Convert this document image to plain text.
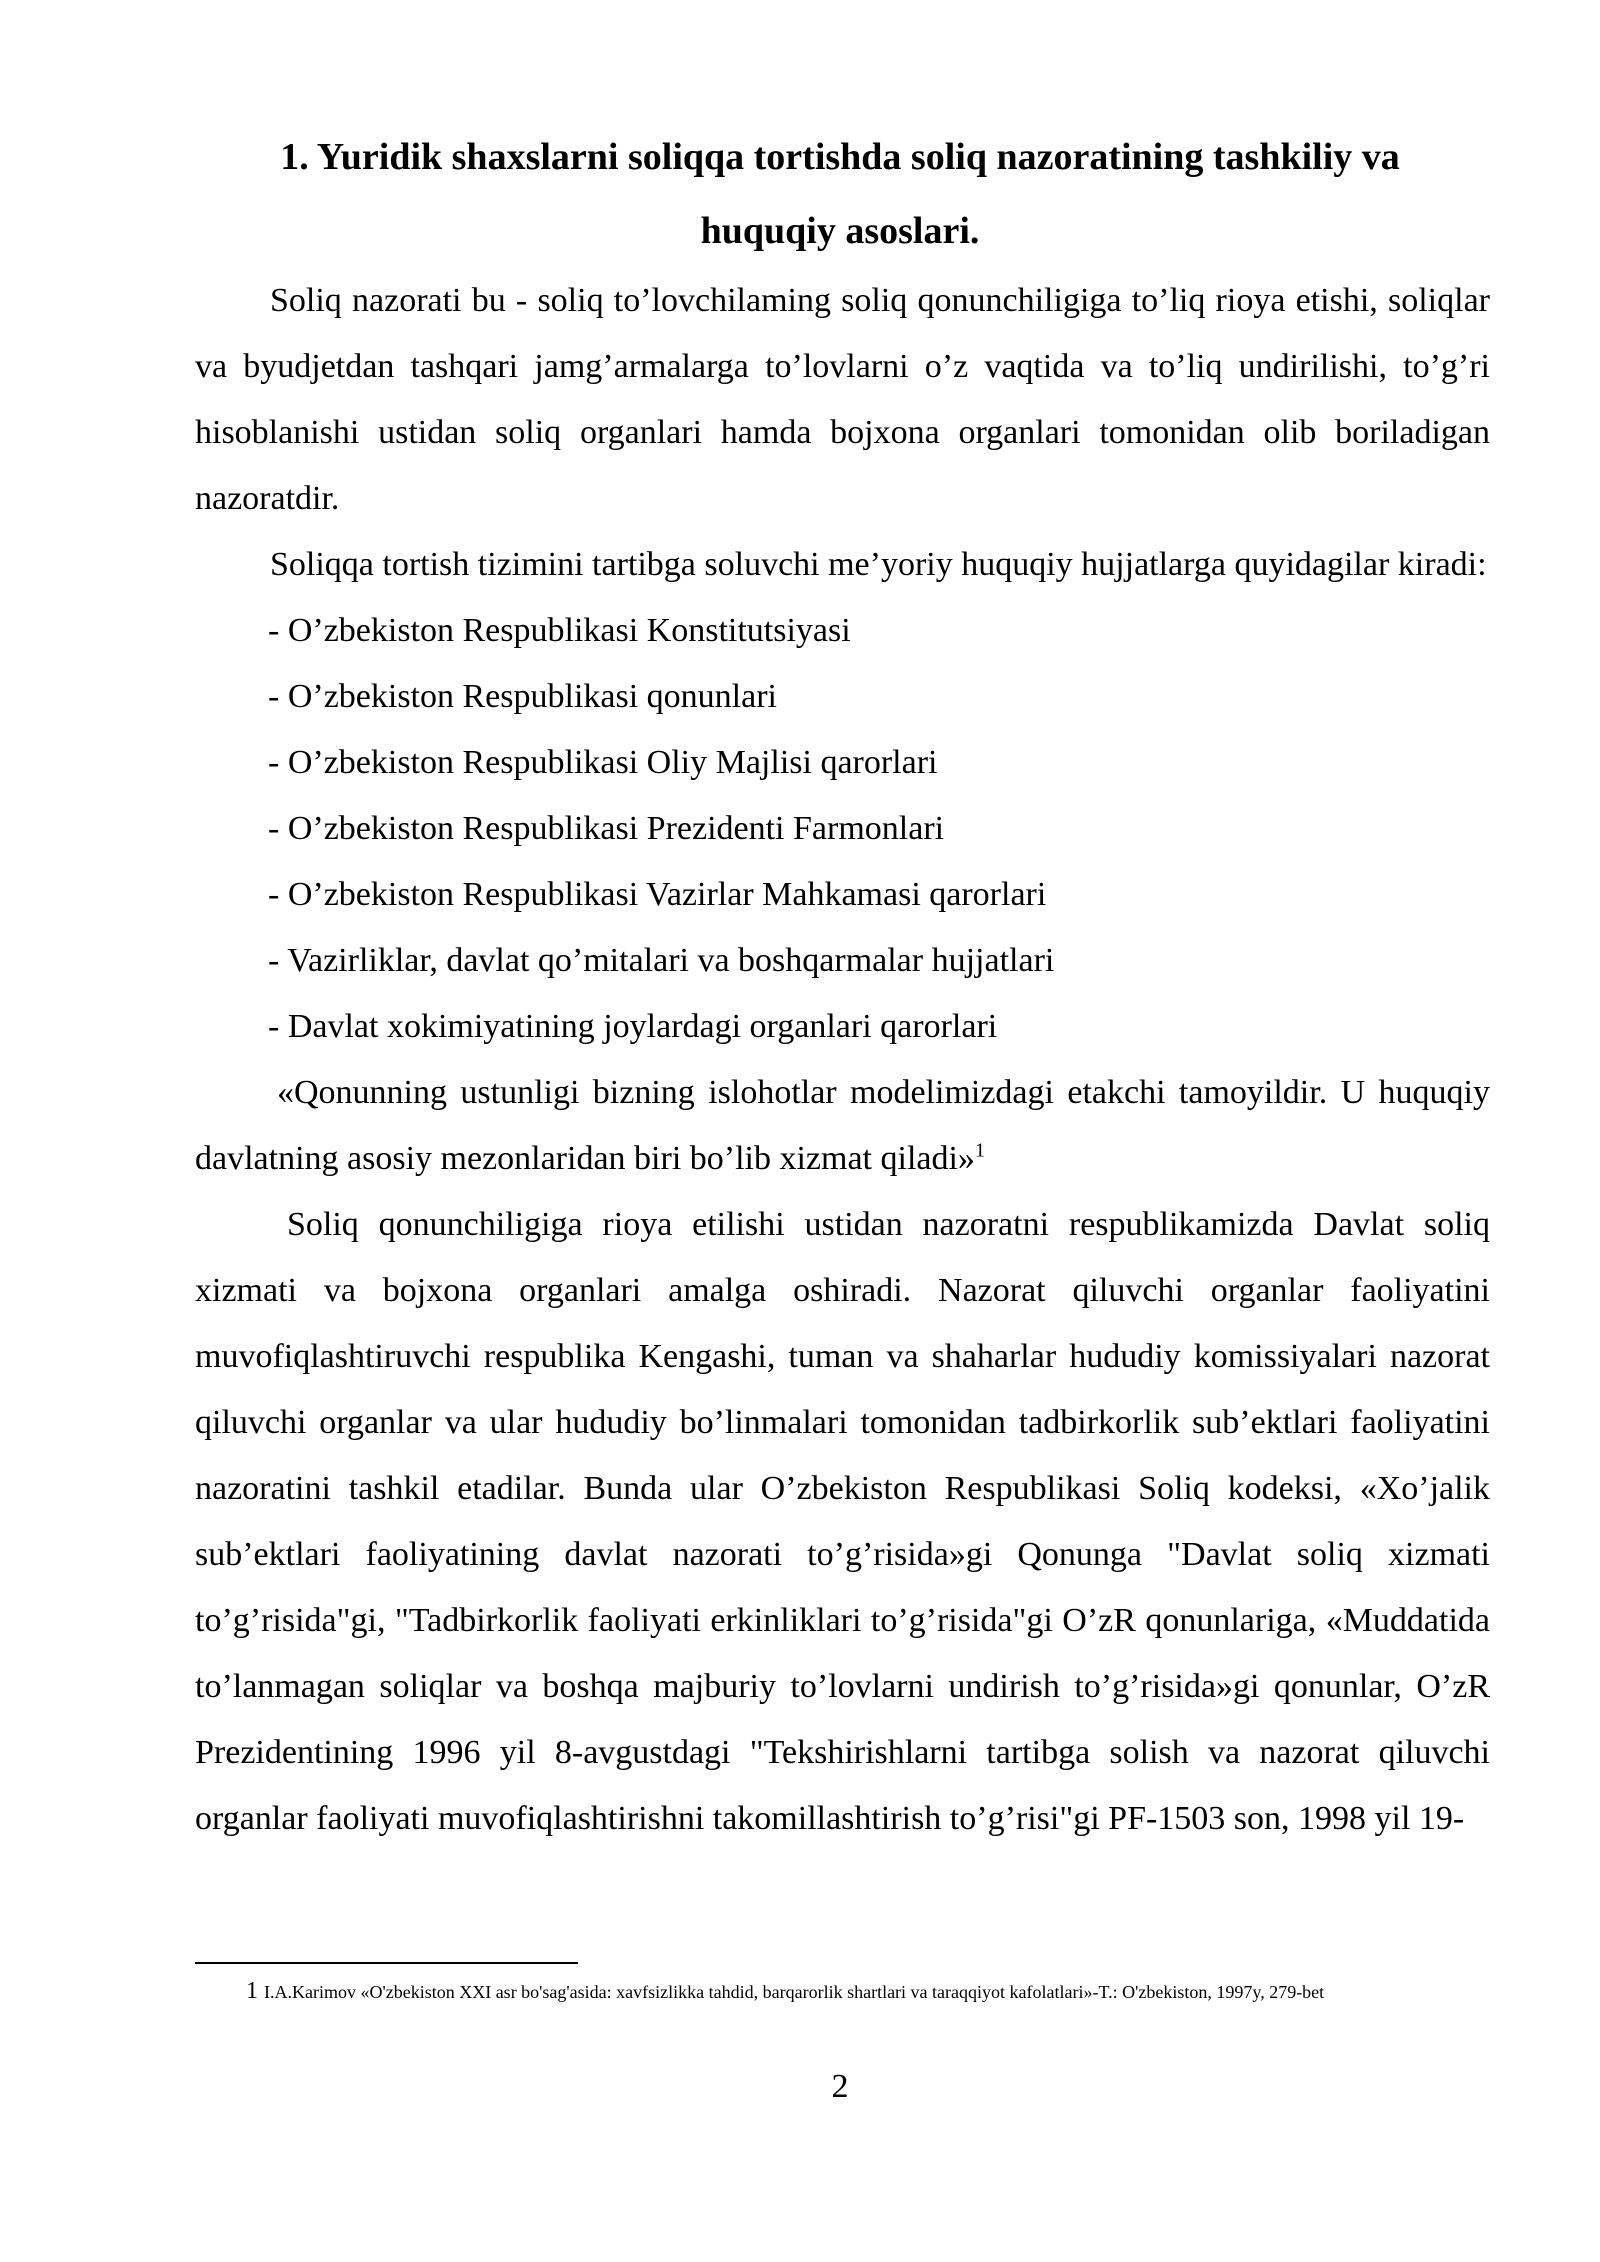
1. Yuridik shaxslarni soliqqa tortishda soliq nazoratining tashkiliy va
huquqiy asoslari.

Soliq nazorati bu - soliq to’lovchilaming soliq qonunchiligiga to’liq rioya etishi, soliqlar va byudjetdan tashqari jamg’armalarga to’lovlarni o’z vaqtida va to’liq undirilishi, to’g’ri hisoblanishi ustidan soliq organlari hamda bojxona organlari tomonidan olib boriladigan nazoratdir.

Soliqqa tortish tizimini tartibga soluvchi me’yoriy huquqiy hujjatlarga quyidagilar kiradi:

- O’zbekiston Respublikasi Konstitutsiyasi
- O’zbekiston Respublikasi qonunlari
- O’zbekiston Respublikasi Oliy Majlisi qarorlari
- O’zbekiston Respublikasi Prezidenti Farmonlari
- O’zbekiston Respublikasi Vazirlar Mahkamasi qarorlari
- Vazirliklar, davlat qo’mitalari va boshqarmalar hujjatlari
- Davlat xokimiyatining joylardagi organlari qarorlari

«Qonunning ustunligi bizning islohotlar modelimizdagi etakchi tamoyildir. U huquqiy davlatning asosiy mezonlaridan biri bo’lib xizmat qiladi»$^1$

Soliq qonunchiligiga rioya etilishi ustidan nazoratni respublikamizda Davlat soliq xizmati va bojxona organlari amalga oshiradi. Nazorat qiluvchi organlar faoliyatini muvofiqlashtiruvchi respublika Kengashi, tuman va shaharlar hududiy komissiyalari nazorat qiluvchi organlar va ular hududiy bo’linmalari tomonidan tadbirkorlik sub’ektlari faoliyatini nazoratini tashkil etadilar. Bunda ular O’zbekiston Respublikasi Soliq kodeksi, «Xo’jalik sub’ektlari faoliyatining davlat nazorati to’g’risida»gi Qonunga "Davlat soliq xizmati to’g’risida"gi, "Tadbirkorlik faoliyati erkinliklari to’g’risida"gi O’zR qonunlariga, «Muddatida to’lanmagan soliqlar va boshqa majburiy to’lovlarni undirish to’g’risida»gi qonunlar, O’zR Prezidentining 1996 yil 8-avgustdagi "Tekshirishlarni tartibga solish va nazorat qiluvchi organlar faoliyati muvofiqlashtirishni takomillashtirish to’g’risi"gi PF-1503 son, 1998 yil 19-

1 I.A.Karimov «O'zbekiston XXI asr bo'sag'asida: xavfsizlikka tahdid, barqarorlik shartlari va taraqqiyot kafolatlari»-T.: O'zbekiston, 1997y, 279-bet

2
